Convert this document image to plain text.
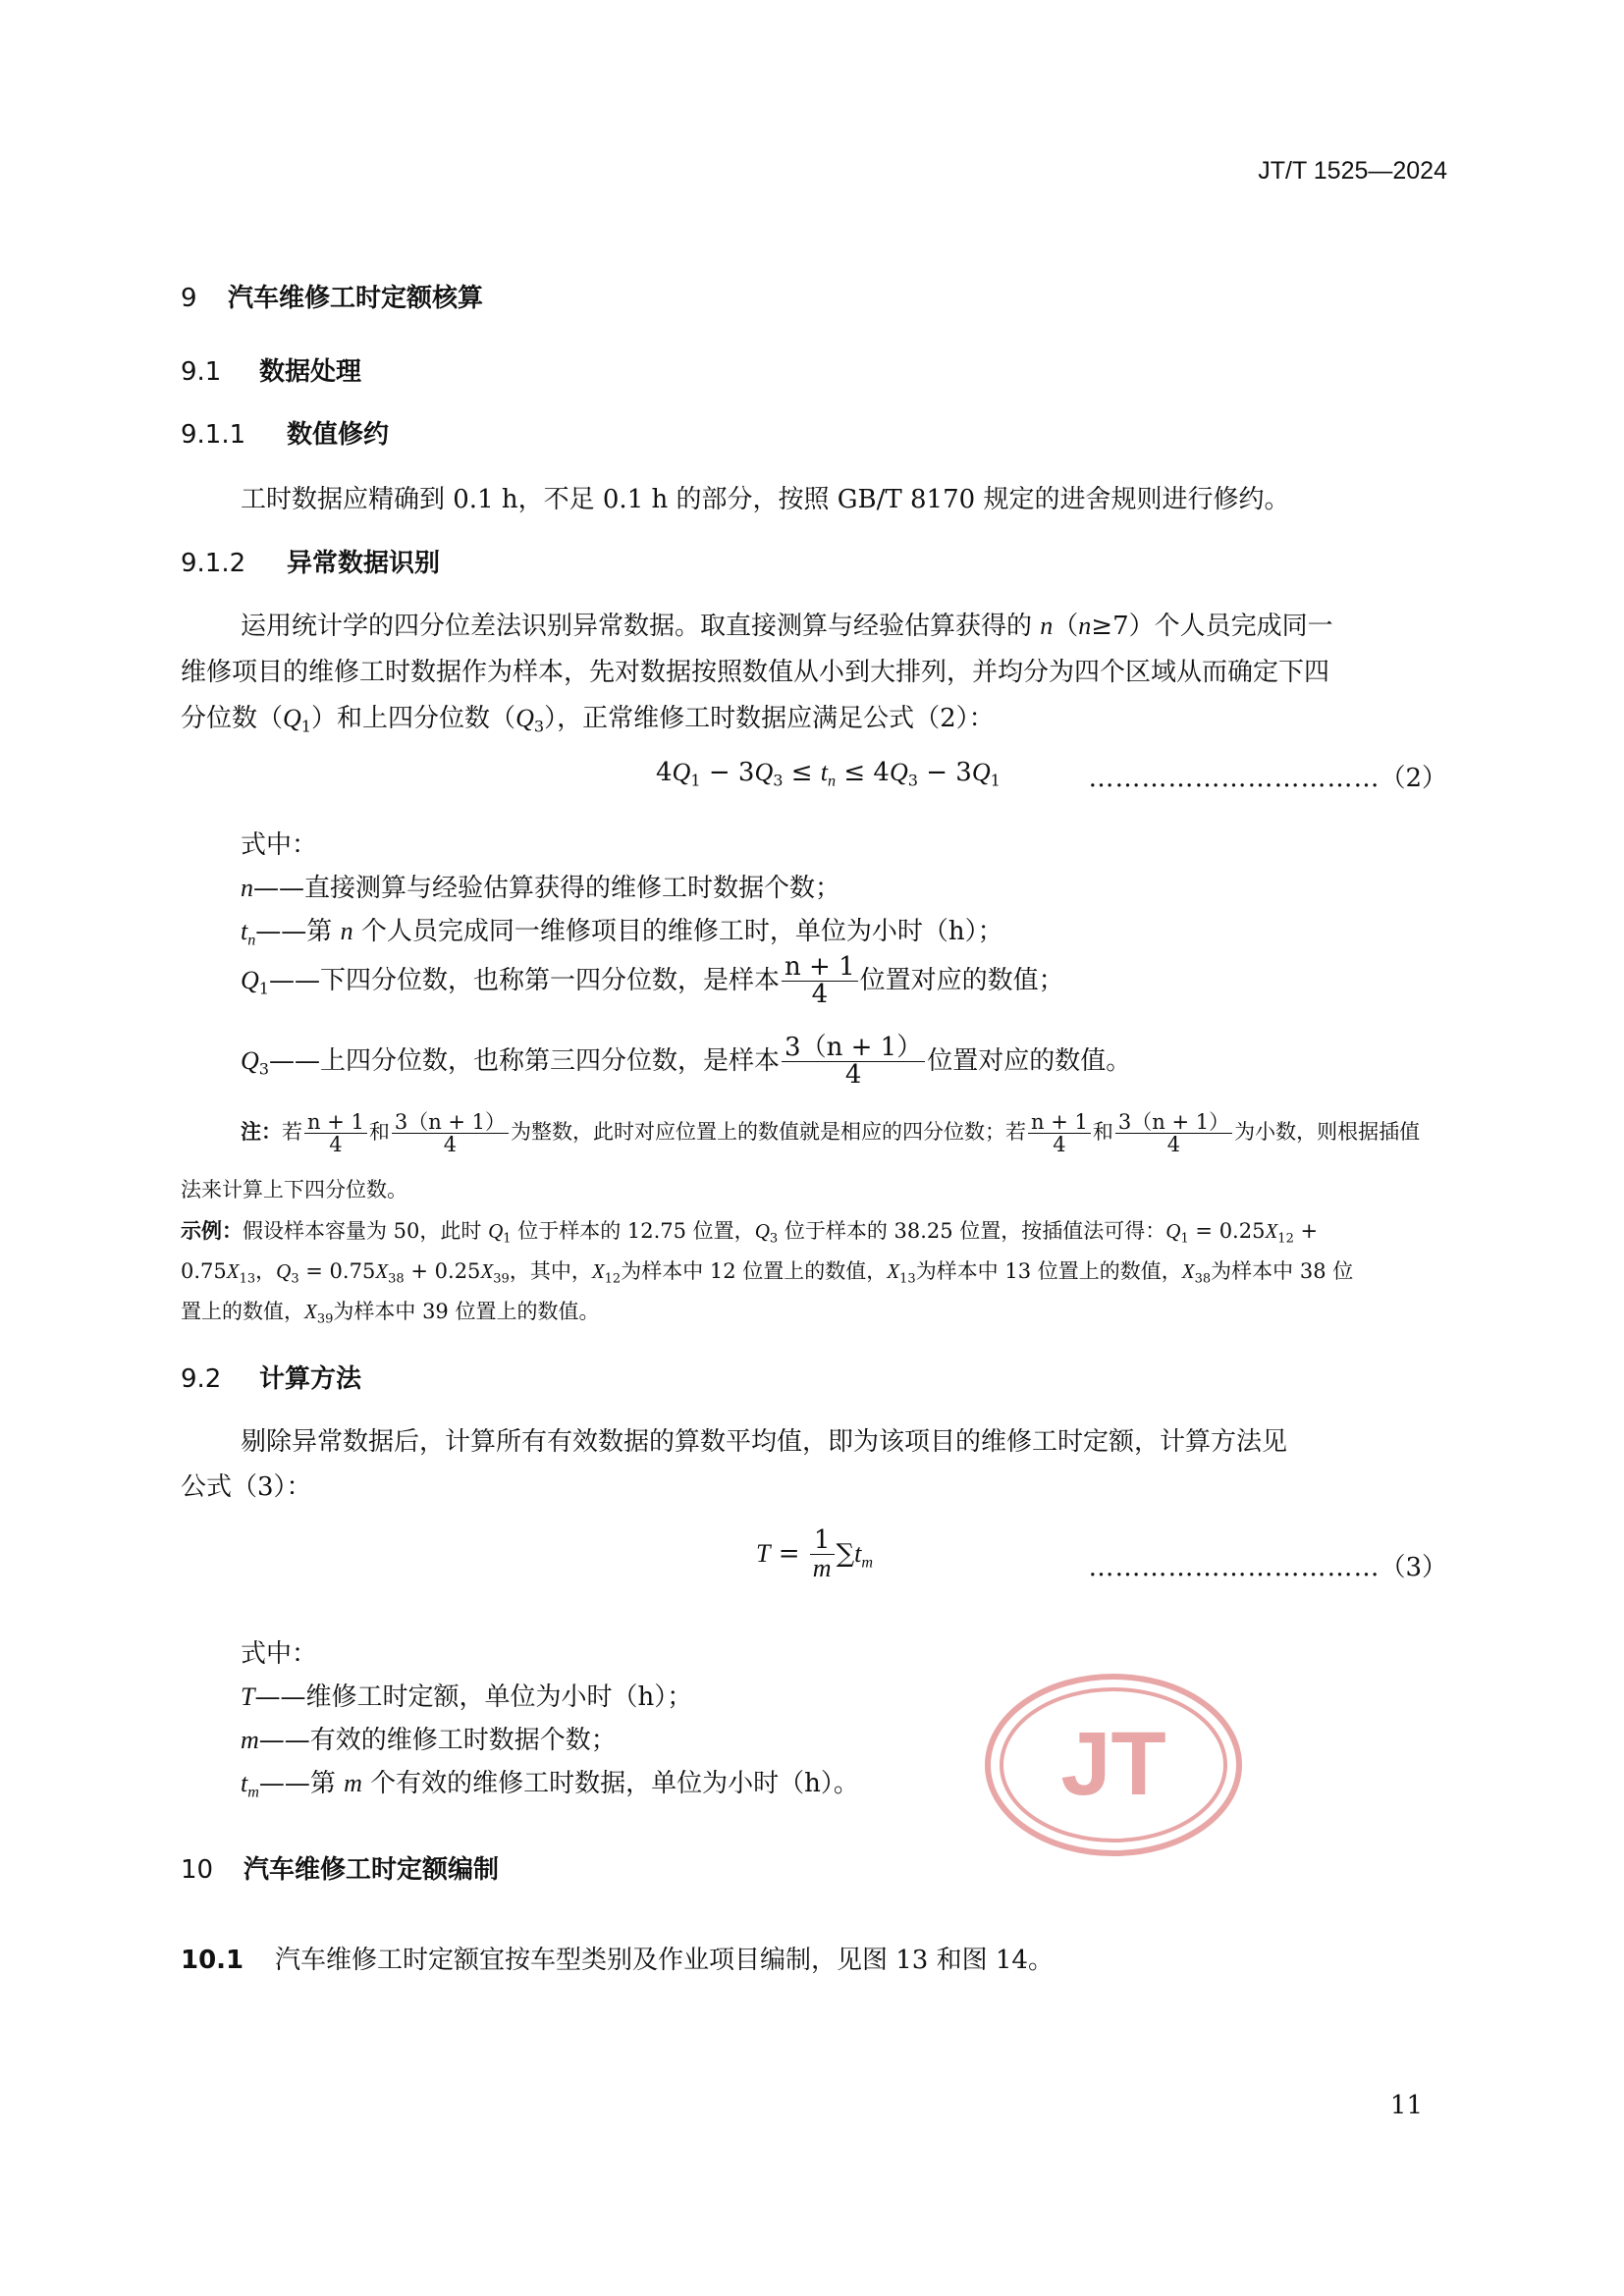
JT/T 1525—2024
9 汽车维修工时定额核算
9.1 数据处理
9.1.1 数值修约
工时数据应精确到 0.1 h，不足 0.1 h 的部分，按照 GB/T 8170 规定的进舍规则进行修约。
9.1.2 异常数据识别
运用统计学的四分位差法识别异常数据。取直接测算与经验估算获得的 n（n≥7）个人员完成同一
维修项目的维修工时数据作为样本，先对数据按照数值从小到大排列，并均分为四个区域从而确定下四
分位数$(Q_1)$和上四分位数$(Q_3)$，正常维修工时数据应满足公式（2）：
$4Q_1 - 3Q_3 \le t_n \le 4Q_3 - 3Q_1$	……………………………（2）
式中：
n——直接测算与经验估算获得的维修工时数据个数；
$t_n——$第 n 个人员完成同一维修项目的维修工时，单位为小时（h）；
$Q_1——$下四分位数，也称第一四分位数，是样本 $\frac{n + 1}{4}$ 位置对应的数值；
$Q_3——$上四分位数，也称第三四分位数，是样本 $\frac{3(n + 1)}{4}$ 位置对应的数值。
注：若 $\frac{n + 1}{4}$ 和 $\frac{3(n + 1)}{4}$ 为整数，此时对应位置上的数值就是相应的四分位数；若 $\frac{n + 1}{4}$ 和 $\frac{3(n + 1)}{4}$ 为小数，则根据插值
法来计算上下四分位数。
示例：假设样本容量为 50，此时 $Q_1$ 位于样本的 12.75 位置，$Q_3$ 位于样本的 38.25 位置，按插值法可得：$Q_1 = 0.25X_{12}$ +
$0.75X_{13}$，$Q_3 = 0.75X_{38} + 0.25X_{39}$，其中，$X_{12}$为样本中 12 位置上的数值，$X_{13}$为样本中 13 位置上的数值，$X_{38}$为样本中 38 位
置上的数值，$X_{39}$为样本中 39 位置上的数值。
9.2 计算方法
剔除异常数据后，计算所有有效数据的算数平均值，即为该项目的维修工时定额，计算方法见
公式（3）：
$T = \frac{1}{m} \sum t_m$	……………………………（3）
式中：
T——维修工时定额，单位为小时（h）；
m——有效的维修工时数据个数；
$t_m——$第 m 个有效的维修工时数据，单位为小时（h）。 JT
10 汽车维修工时定额编制
10.1 汽车维修工时定额宜按车型类别及作业项目编制，见图 13 和图 14。
11
